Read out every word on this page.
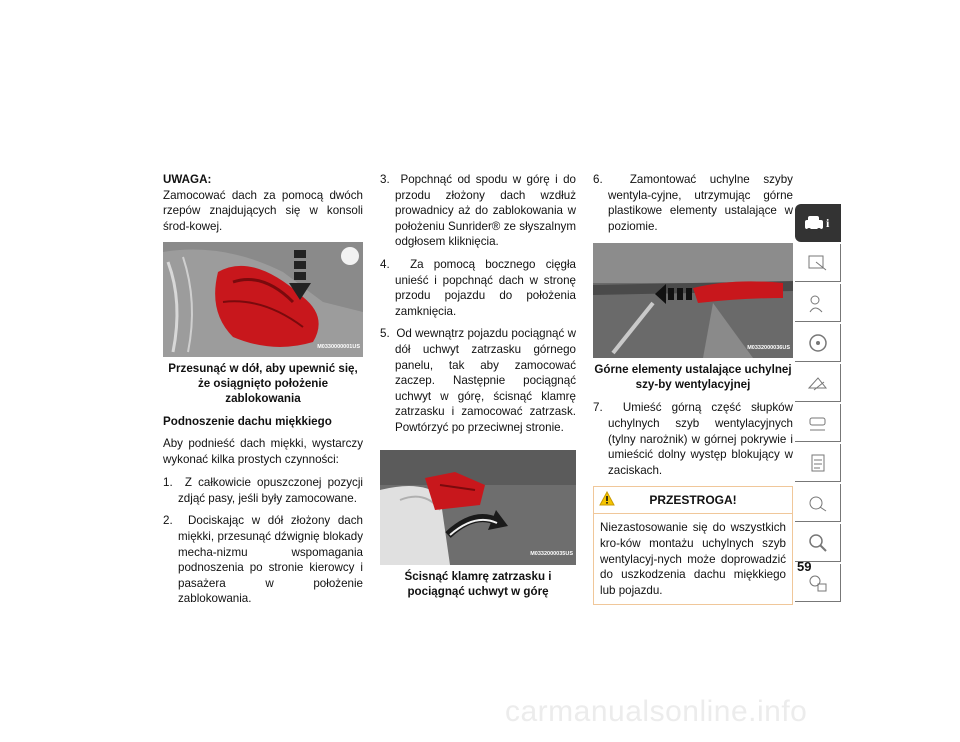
UWAGA:

Zamocować dach za pomocą dwóch rzepów znajdujących się w konsoli środ-kowej.

M0330000001US

Przesunąć w dół, aby upewnić się, że osiągnięto położenie zablokowania

Podnoszenie dachu miękkiego

Aby podnieść dach miękki, wystarczy wykonać kilka prostych czynności:

1. Z całkowicie opuszczonej pozycji zdjąć pasy, jeśli były zamocowane.

2. Dociskając w dół złożony dach miękki, przesunąć dźwignię blokady mecha-nizmu wspomagania podnoszenia po stronie kierowcy i pasażera w położenie zablokowania.

3. Popchnąć od spodu w górę i do przodu złożony dach wzdłuż prowadnicy aż do zablokowania w położeniu Sunrider® ze słyszalnym odgłosem kliknięcia.

4. Za pomocą bocznego cięgła unieść i popchnąć dach w stronę przodu pojazdu do położenia zamknięcia.

5. Od wewnątrz pojazdu pociągnąć w dół uchwyt zatrzasku górnego panelu, tak aby zamocować zaczep. Następnie pociągnąć uchwyt w górę, ścisnąć klamrę zatrzasku i zamocować zatrzask. Powtórzyć po przeciwnej stronie.

M0332000035US

Ścisnąć klamrę zatrzasku i pociągnąć uchwyt w górę

6. Zamontować uchylne szyby wentyla-cyjne, utrzymując górne plastikowe elementy ustalające w poziomie.

M0332000036US

Górne elementy ustalające uchylnej szy-by wentylacyjnej

7. Umieść górną część słupków uchylnych szyb wentylacyjnych (tylny narożnik) w górnej pokrywie i umieścić dolny występ blokujący w zaciskach.

PRZESTROGA!
Niezastosowanie się do wszystkich kro-ków montażu uchylnych szyb wentylacyj-nych może doprowadzić do uszkodzenia dachu miękkiego lub pojazdu.
i
59
carmanualsonline.info
